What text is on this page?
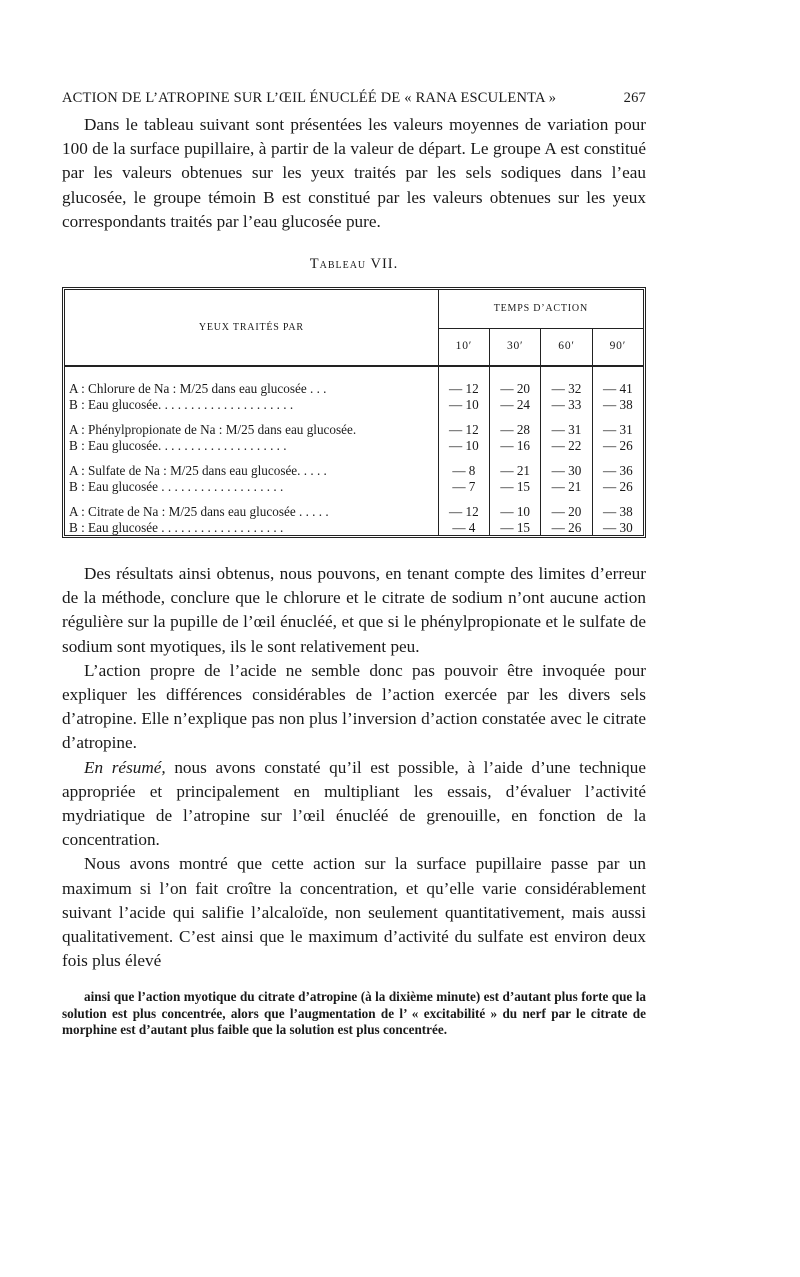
ACTION DE L’ATROPINE SUR L’ŒIL ÉNUCLÉÉ DE « RANA ESCULENTA »	267

Dans le tableau suivant sont présentées les valeurs moyennes de variation pour 100 de la surface pupillaire, à partir de la valeur de départ. Le groupe A est constitué par les valeurs obtenues sur les yeux traités par les sels sodiques dans l’eau glucosée, le groupe témoin B est constitué par les valeurs obtenues sur les yeux correspondants traités par l’eau glucosée pure.

Tableau VII.
YEUX TRAITÉS PAR	TEMPS D’ACTION			
	10′	30′	60′	90′
A : Chlorure de Na : M/25 dans eau glucosée . . .	— 12	— 20	— 32	— 41
B : Eau glucosée. . . . . . . . . . . . . . . . . . . . .	— 10	— 24	— 33	— 38
A : Phénylpropionate de Na : M/25 dans eau glucosée.	— 12	— 28	— 31	— 31
B : Eau glucosée. . . . . . . . . . . . . . . . . . . .	— 10	— 16	— 22	— 26
A : Sulfate de Na : M/25 dans eau glucosée. . . . .	— 8	— 21	— 30	— 36
B : Eau glucosée . . . . . . . . . . . . . . . . . . .	— 7	— 15	— 21	— 26
A : Citrate de Na : M/25 dans eau glucosée . . . . .	— 12	— 10	— 20	— 38
B : Eau glucosée . . . . . . . . . . . . . . . . . . .	— 4	— 15	— 26	— 30

Des résultats ainsi obtenus, nous pouvons, en tenant compte des limites d’erreur de la méthode, conclure que le chlorure et le citrate de sodium n’ont aucune action régulière sur la pupille de l’œil énucléé, et que si le phénylpropionate et le sulfate de sodium sont myotiques, ils le sont relativement peu.

L’action propre de l’acide ne semble donc pas pouvoir être invoquée pour expliquer les différences considérables de l’action exercée par les divers sels d’atropine. Elle n’explique pas non plus l’inversion d’action constatée avec le citrate d’atropine.

En résumé, nous avons constaté qu’il est possible, à l’aide d’une technique appropriée et principalement en multipliant les essais, d’évaluer l’activité mydriatique de l’atropine sur l’œil énucléé de grenouille, en fonction de la concentration.

Nous avons montré que cette action sur la surface pupillaire passe par un maximum si l’on fait croître la concentration, et qu’elle varie considérablement suivant l’acide qui salifie l’alcaloïde, non seulement quantitativement, mais aussi qualitativement. C’est ainsi que le maximum d’activité du sulfate est environ deux fois plus élevé

ainsi que l’action myotique du citrate d’atropine (à la dixième minute) est d’autant plus forte que la solution est plus concentrée, alors que l’augmentation de l’ « excitabilité » du nerf par le citrate de morphine est d’autant plus faible que la solution est plus concentrée.
